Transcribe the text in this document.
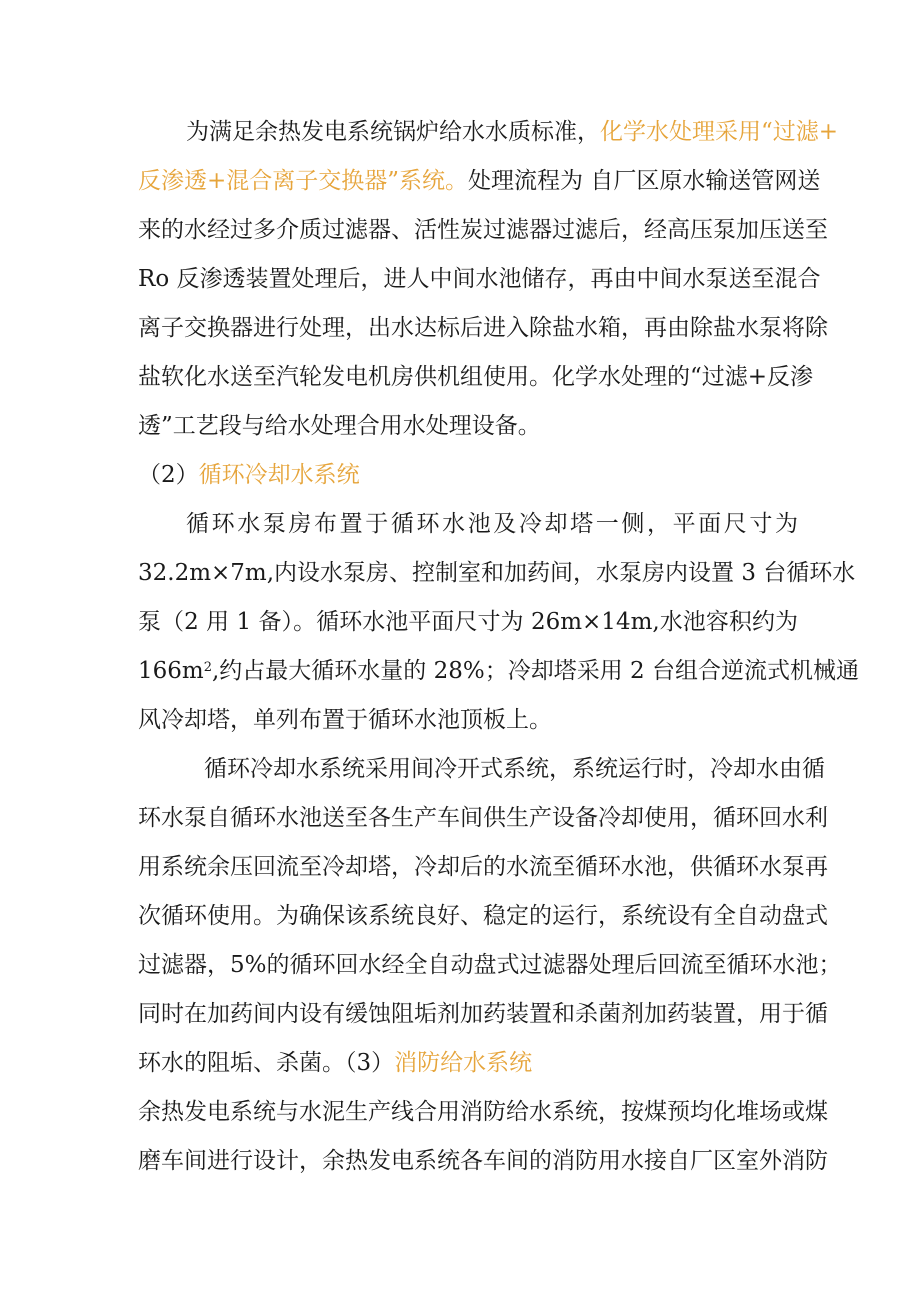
为满足余热发电系统锅炉给水水质标准，化学水处理采用“过滤+
反渗透+混合离子交换器”系统。处理流程为 自厂区原水输送管网送
来的水经过多介质过滤器、活性炭过滤器过滤后，经高压泵加压送至
Ro 反渗透装置处理后，进人中间水池储存，再由中间水泵送至混合
离子交换器进行处理，出水达标后进入除盐水箱，再由除盐水泵将除
盐软化水送至汽轮发电机房供机组使用。化学水处理的“过滤+反渗
透”工艺段与给水处理合用水处理设备。
（2）循环冷却水系统
循环水泵房布置于循环水池及冷却塔一侧，平面尺寸为
32.2m×7m,内设水泵房、控制室和加药间，水泵房内设置 3 台循环水
泵（2 用 1 备）。循环水池平面尺寸为 26m×14m,水池容积约为
$166m^2$,约占最大循环水量的 28%；冷却塔采用 2 台组合逆流式机械通
风冷却塔，单列布置于循环水池顶板上。
循环冷却水系统采用间冷开式系统，系统运行时，冷却水由循
环水泵自循环水池送至各生产车间供生产设备冷却使用，循环回水利
用系统余压回流至冷却塔，冷却后的水流至循环水池，供循环水泵再
次循环使用。为确保该系统良好、稳定的运行，系统设有全自动盘式
过滤器，5%的循环回水经全自动盘式过滤器处理后回流至循环水池；
同时在加药间内设有缓蚀阻垢剂加药装置和杀菌剂加药装置，用于循
环水的阻垢、杀菌。（3）消防给水系统
余热发电系统与水泥生产线合用消防给水系统，按煤预均化堆场或煤
磨车间进行设计，余热发电系统各车间的消防用水接自厂区室外消防
